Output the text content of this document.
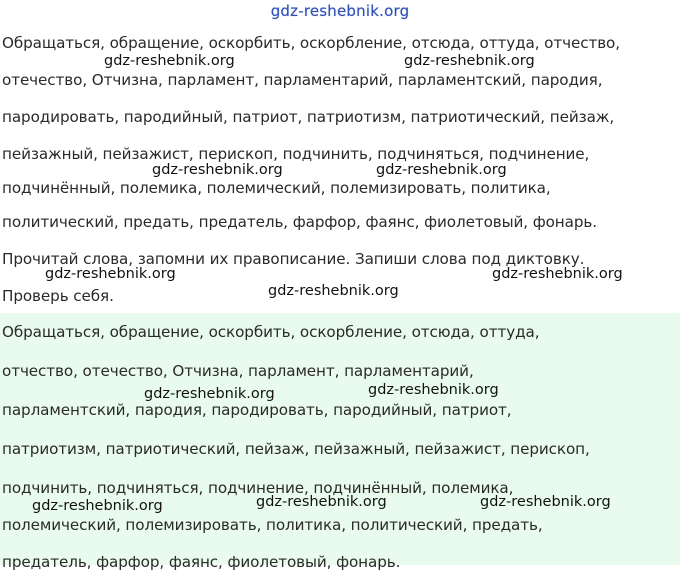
gdz-reshebnik.org
Обращаться, обращение, оскорбить, оскорбление, отсюда, оттуда, отчество,
отечество, Отчизна, парламент, парламентарий, парламентский, пародия,
пародировать, пародийный, патриот, патриотизм, патриотический, пейзаж,
пейзажный, пейзажист, перископ, подчинить, подчиняться, подчинение,
подчинённый, полемика, полемический, полемизировать, политика,
политический, предать, предатель, фарфор, фаянс, фиолетовый, фонарь.
Прочитай слова, запомни их правописание. Запиши слова под диктовку.
Проверь себя.
Обращаться, обращение, оскорбить, оскорбление, отсюда, оттуда,
отчество, отечество, Отчизна, парламент, парламентарий,
парламентский, пародия, пародировать, пародийный, патриот,
патриотизм, патриотический, пейзаж, пейзажный, пейзажист, перископ,
подчинить, подчиняться, подчинение, подчинённый, полемика,
полемический, полемизировать, политика, политический, предать,
предатель, фарфор, фаянс, фиолетовый, фонарь.
gdz-reshebnik.org	gdz-reshebnik.org
gdz-reshebnik.org	gdz-reshebnik.org
gdz-reshebnik.org	gdz-reshebnik.org
gdz-reshebnik.org
gdz-reshebnik.org	gdz-reshebnik.org
gdz-reshebnik.org	gdz-reshebnik.org	gdz-reshebnik.org
